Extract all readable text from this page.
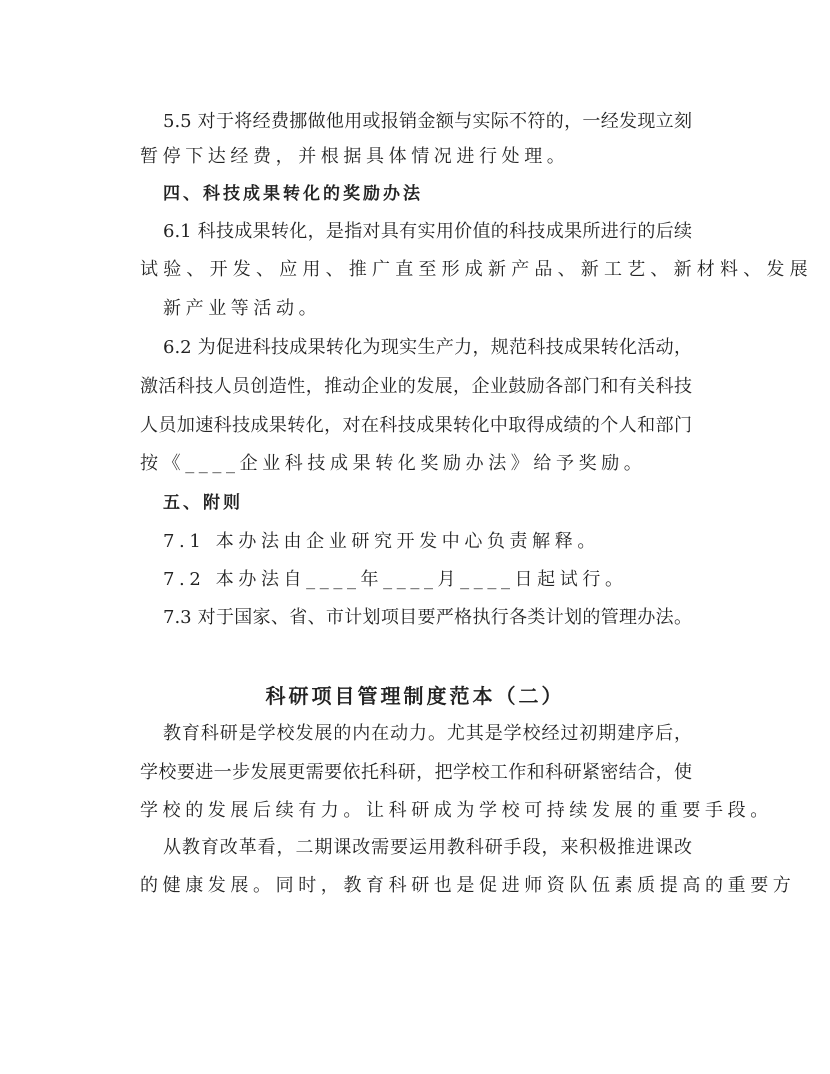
5.5 对于将经费挪做他用或报销金额与实际不符的，一经发现立刻
暂停下达经费，并根据具体情况进行处理。
四、科技成果转化的奖励办法
6.1 科技成果转化，是指对具有实用价值的科技成果所进行的后续
试验、开发、应用、推广直至形成新产品、新工艺、新材料、发展
新产业等活动。
6.2 为促进科技成果转化为现实生产力，规范科技成果转化活动，
激活科技人员创造性，推动企业的发展，企业鼓励各部门和有关科技
人员加速科技成果转化，对在科技成果转化中取得成绩的个人和部门
按《____企业科技成果转化奖励办法》给予奖励。
五、附则
7.1 本办法由企业研究开发中心负责解释。
7.2 本办法自____年____月____日起试行。
7.3 对于国家、省、市计划项目要严格执行各类计划的管理办法。
科研项目管理制度范本（二）
教育科研是学校发展的内在动力。尤其是学校经过初期建序后，
学校要进一步发展更需要依托科研，把学校工作和科研紧密结合，使
学校的发展后续有力。让科研成为学校可持续发展的重要手段。
从教育改革看，二期课改需要运用教科研手段，来积极推进课改
的健康发展。同时，教育科研也是促进师资队伍素质提高的重要方
